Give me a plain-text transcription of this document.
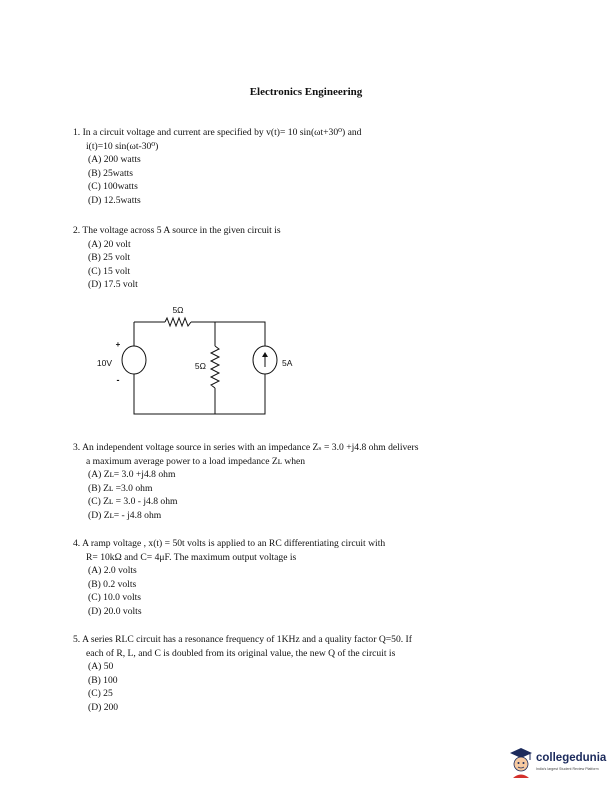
Electronics Engineering
1. In a circuit voltage and current are specified by v(t)= 10 sin(ωt+30⁰) and
i(t)=10 sin(ωt-30⁰)
(A) 200 watts
(B) 25watts
(C) 100watts
(D) 12.5watts
2. The voltage across 5 A source in the given circuit is
(A) 20 volt
(B) 25 volt
(C) 15 volt
(D) 17.5 volt
5Ω
5Ω
+
-
10V	5A
3. An independent voltage source in series with an impedance Zₛ = 3.0 +j4.8 ohm delivers
a maximum average power to a load impedance Zʟ when
(A) Zʟ= 3.0 +j4.8 ohm
(B) Zʟ =3.0 ohm
(C) Zʟ = 3.0 - j4.8 ohm
(D) Zʟ= - j4.8 ohm
4. A ramp voltage , x(t) = 50t volts is applied to an RC differentiating circuit with
R= 10kΩ and C= 4μF. The maximum output voltage is
(A) 2.0 volts
(B) 0.2 volts
(C) 10.0 volts
(D) 20.0 volts
5. A series RLC circuit has a resonance frequency of 1KHz and a quality factor Q=50. If
each of R, L, and C is doubled from its original value, the new Q of the circuit is
(A) 50
(B) 100
(C) 25
(D) 200
collegedunia
India's largest Student Review Platform
